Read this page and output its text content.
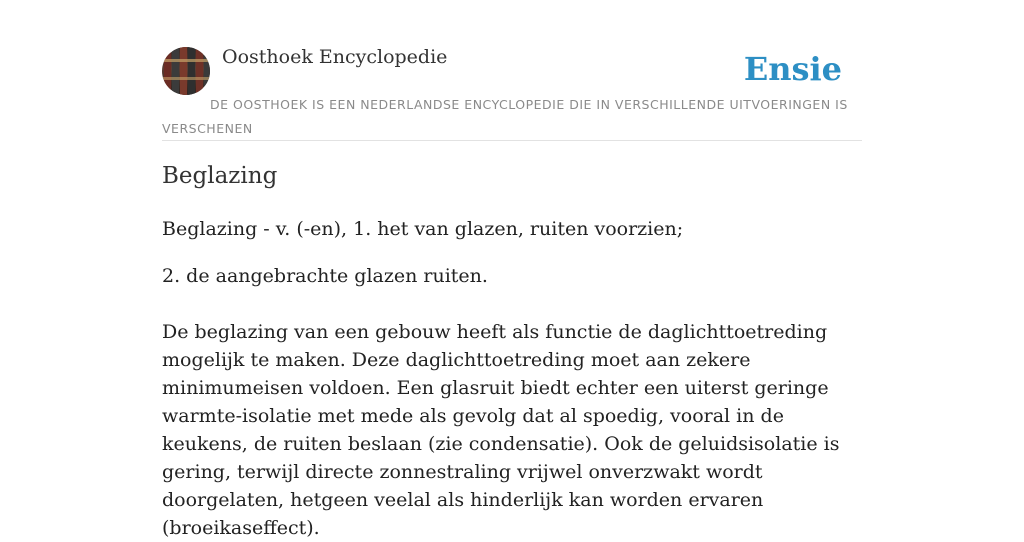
Oosthoek Encyclopedie	Ensie
DE OOSTHOEK IS EEN NEDERLANDSE ENCYCLOPEDIE DIE IN VERSCHILLENDE UITVOERINGEN IS VERSCHENEN
Beglazing
Beglazing - v. (-en), 1. het van glazen, ruiten voorzien;
2. de aangebrachte glazen ruiten.
De beglazing van een gebouw heeft als functie de daglichttoetreding mogelijk te maken. Deze daglichttoetreding moet aan zekere minimumeisen voldoen. Een glasruit biedt echter een uiterst geringe warmte-isolatie met mede als gevolg dat al spoedig, vooral in de keukens, de ruiten beslaan (zie condensatie). Ook de geluidsisolatie is gering, terwijl directe zonnestraling vrijwel onverzwakt wordt doorgelaten, hetgeen veelal als hinderlijk kan worden ervaren (broeikaseffect).
